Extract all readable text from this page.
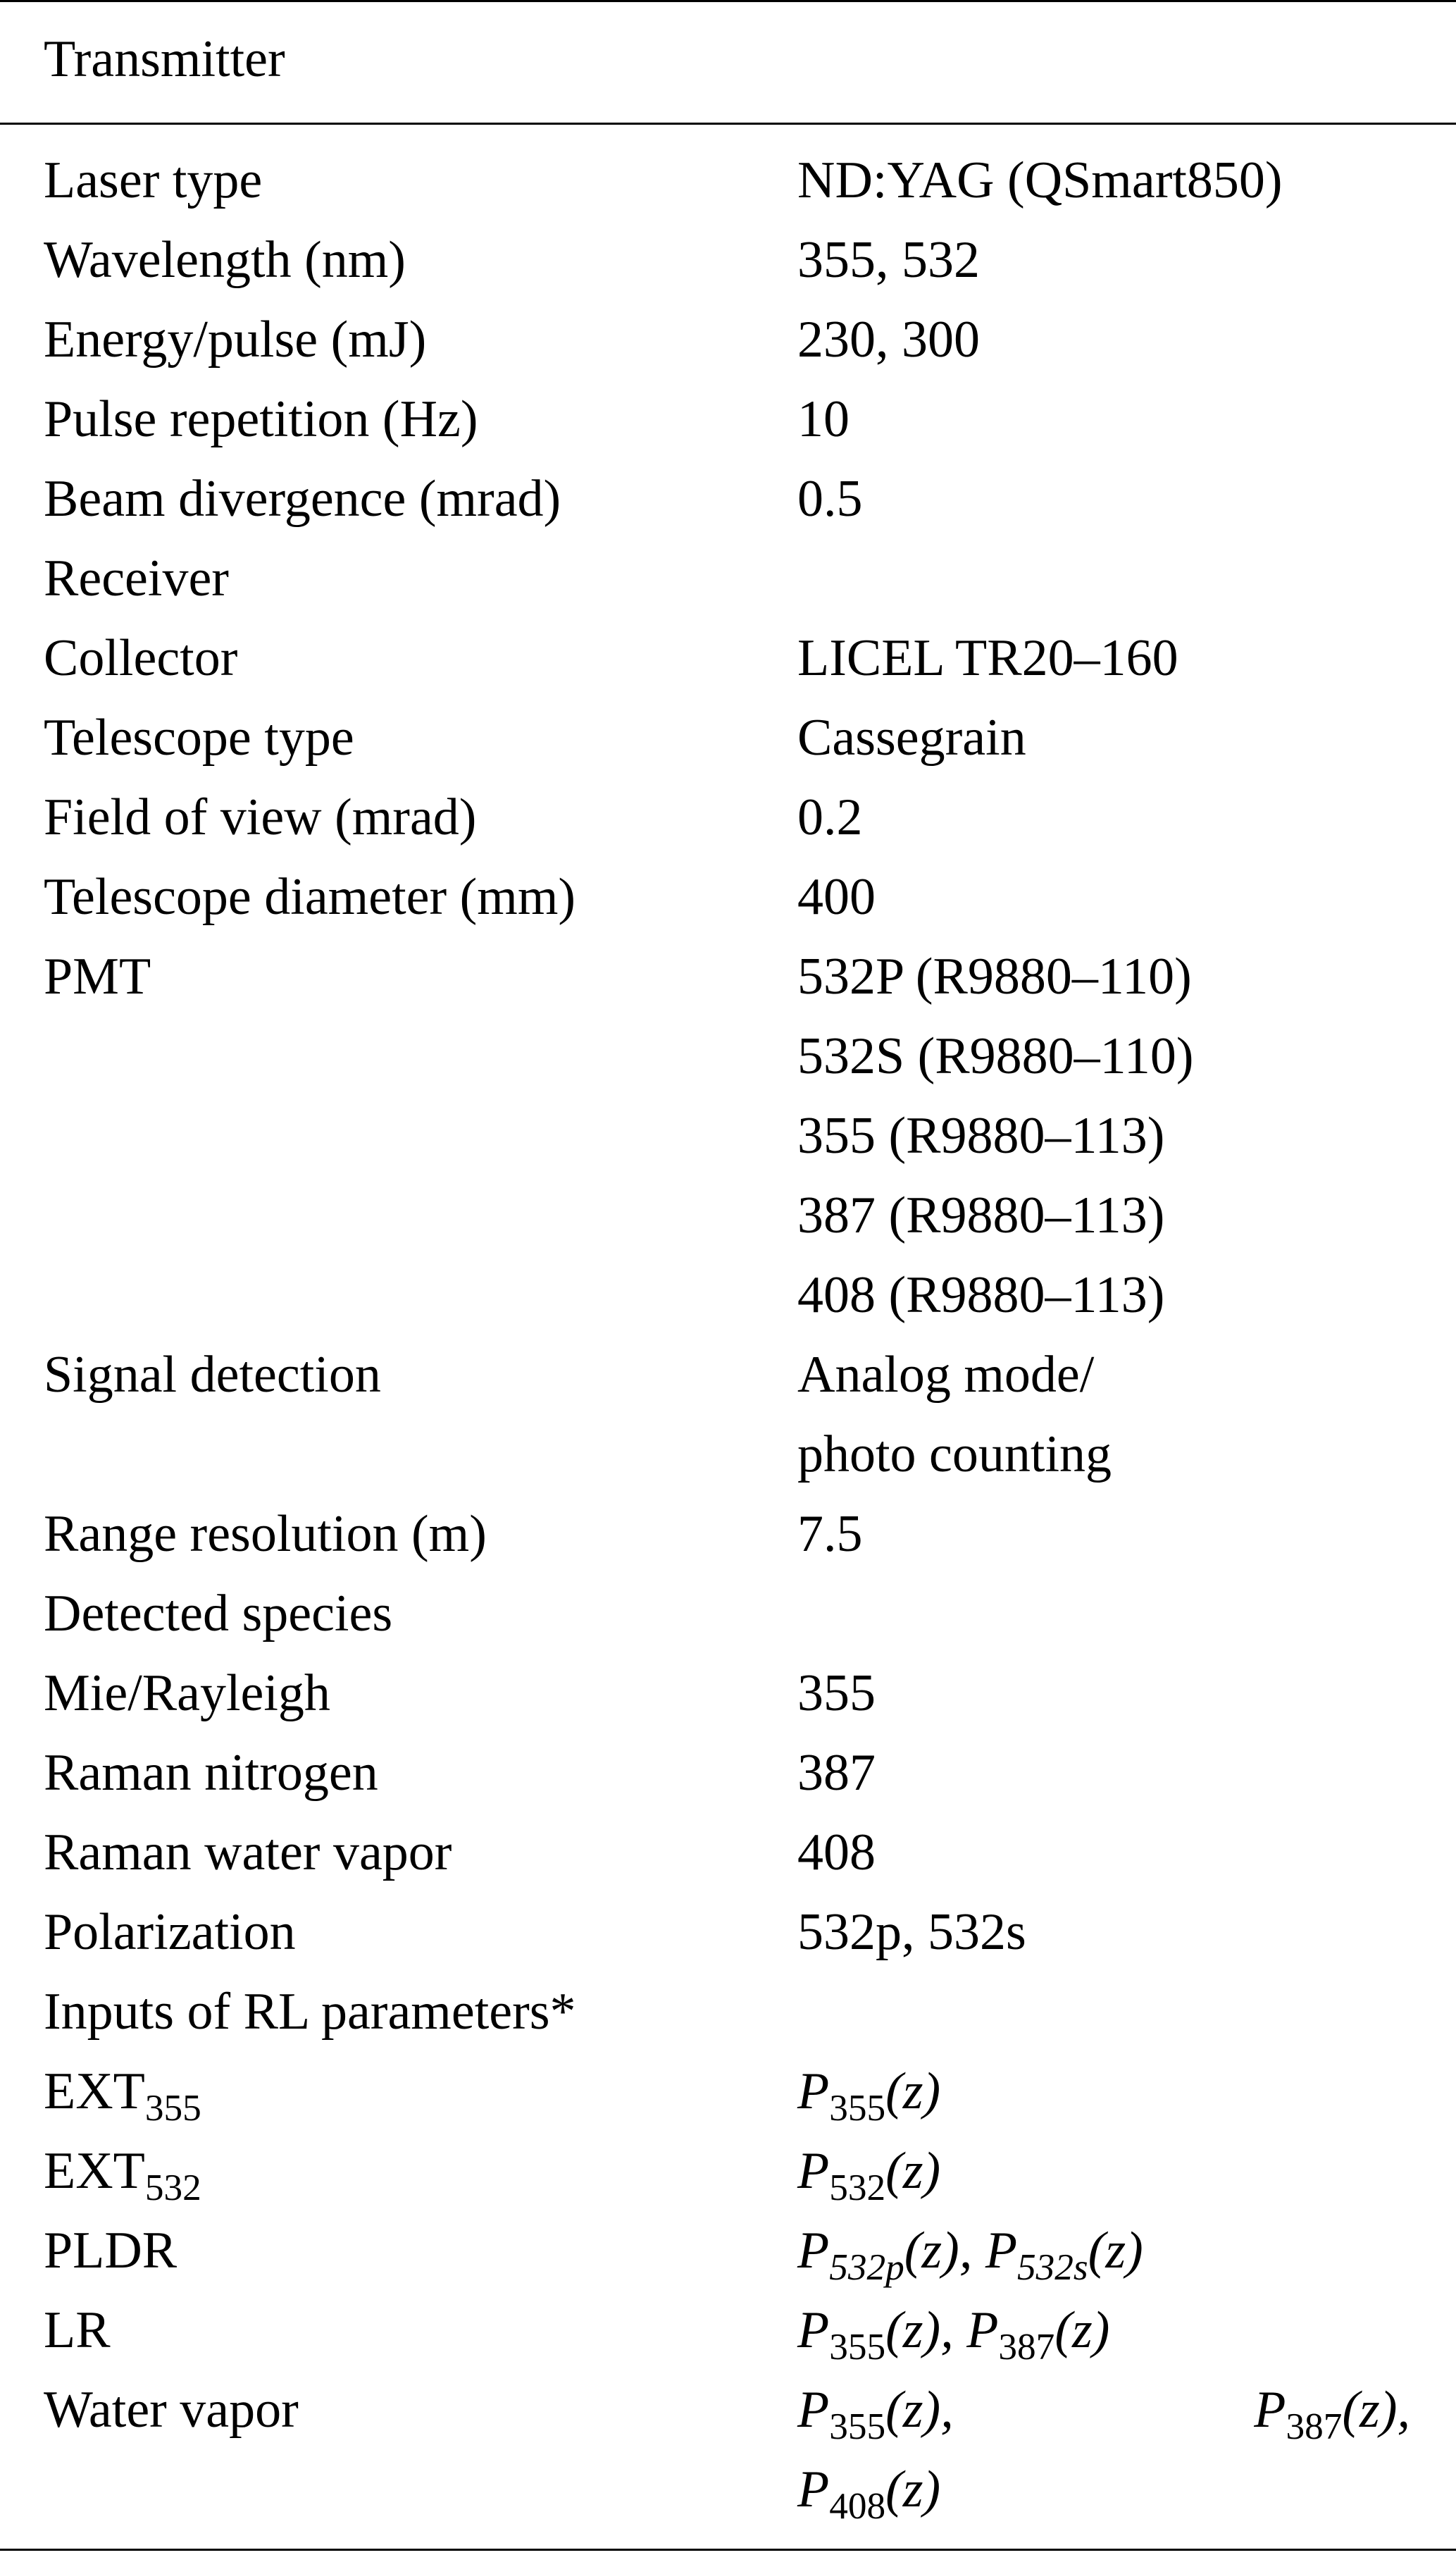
Transmitter
Laser type	ND:YAG (QSmart850)
Wavelength (nm)	355, 532
Energy/pulse (mJ)	230, 300
Pulse repetition (Hz)	10
Beam divergence (mrad)	0.5
Receiver
Collector	LICEL TR20–160
Telescope type	Cassegrain
Field of view (mrad)	0.2
Telescope diameter (mm)	400
PMT	532P (R9880–110)
532S (R9880–110)
355 (R9880–113)
387 (R9880–113)
408 (R9880–113)
Signal detection	Analog mode/
photo counting
Range resolution (m)	7.5
Detected species
Mie/Rayleigh	355
Raman nitrogen	387
Raman water vapor	408
Polarization	532p, 532s
Inputs of RL parameters*
$EXT_{355}$	$P_{355}(z)$
$EXT_{532}$	$P_{532}(z)$
PLDR	$P_{532p}(z)$, $P_{532s}(z)$
LR	$P_{355}(z)$, $P_{387}(z)$
Water vapor	$P_{355}(z)$,	$P_{387}(z)$,
$P_{408}(z)$
